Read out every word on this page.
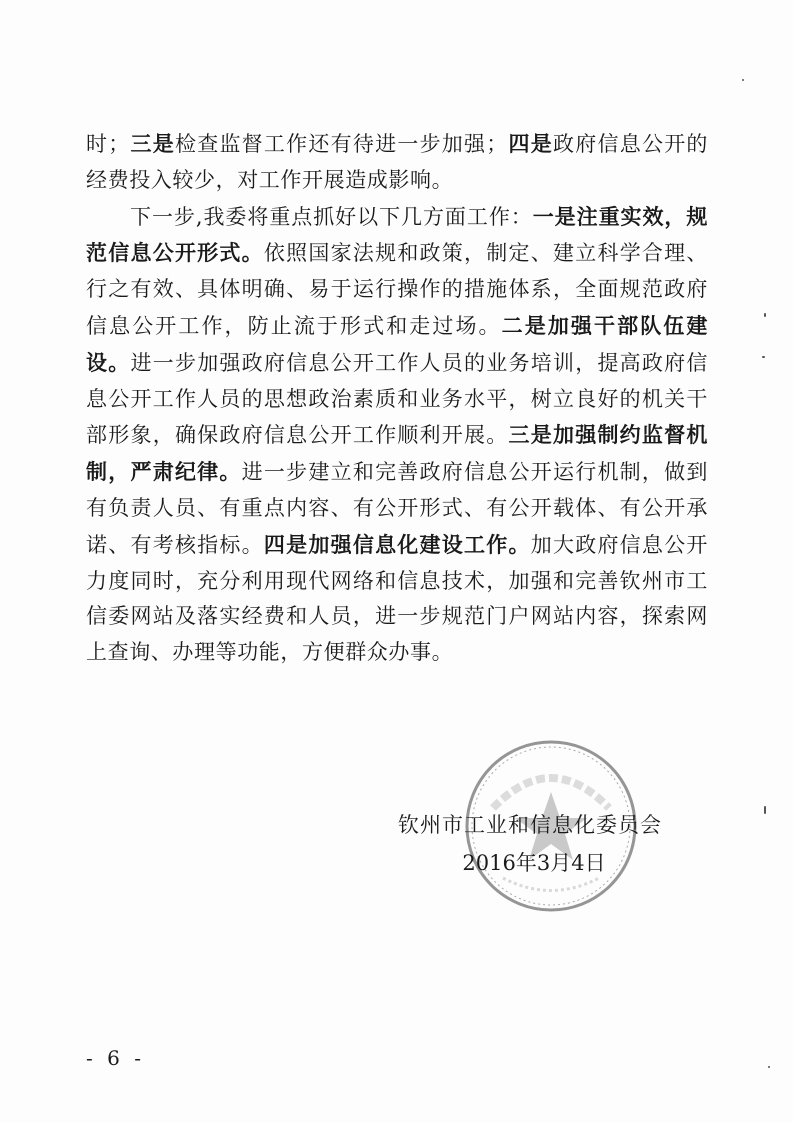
时；三是检查监督工作还有待进一步加强；四是政府信息公开的经费投入较少，对工作开展造成影响。

下一步,我委将重点抓好以下几方面工作：一是注重实效，规范信息公开形式。依照国家法规和政策，制定、建立科学合理、行之有效、具体明确、易于运行操作的措施体系，全面规范政府信息公开工作，防止流于形式和走过场。二是加强干部队伍建设。进一步加强政府信息公开工作人员的业务培训，提高政府信息公开工作人员的思想政治素质和业务水平，树立良好的机关干部形象，确保政府信息公开工作顺利开展。三是加强制约监督机制，严肃纪律。进一步建立和完善政府信息公开运行机制，做到有负责人员、有重点内容、有公开形式、有公开载体、有公开承诺、有考核指标。四是加强信息化建设工作。加大政府信息公开力度同时，充分利用现代网络和信息技术，加强和完善钦州市工信委网站及落实经费和人员，进一步规范门户网站内容，探索网上查询、办理等功能，方便群众办事。

钦州市工业和信息化委员会
2016年3月4日
- 6 -
